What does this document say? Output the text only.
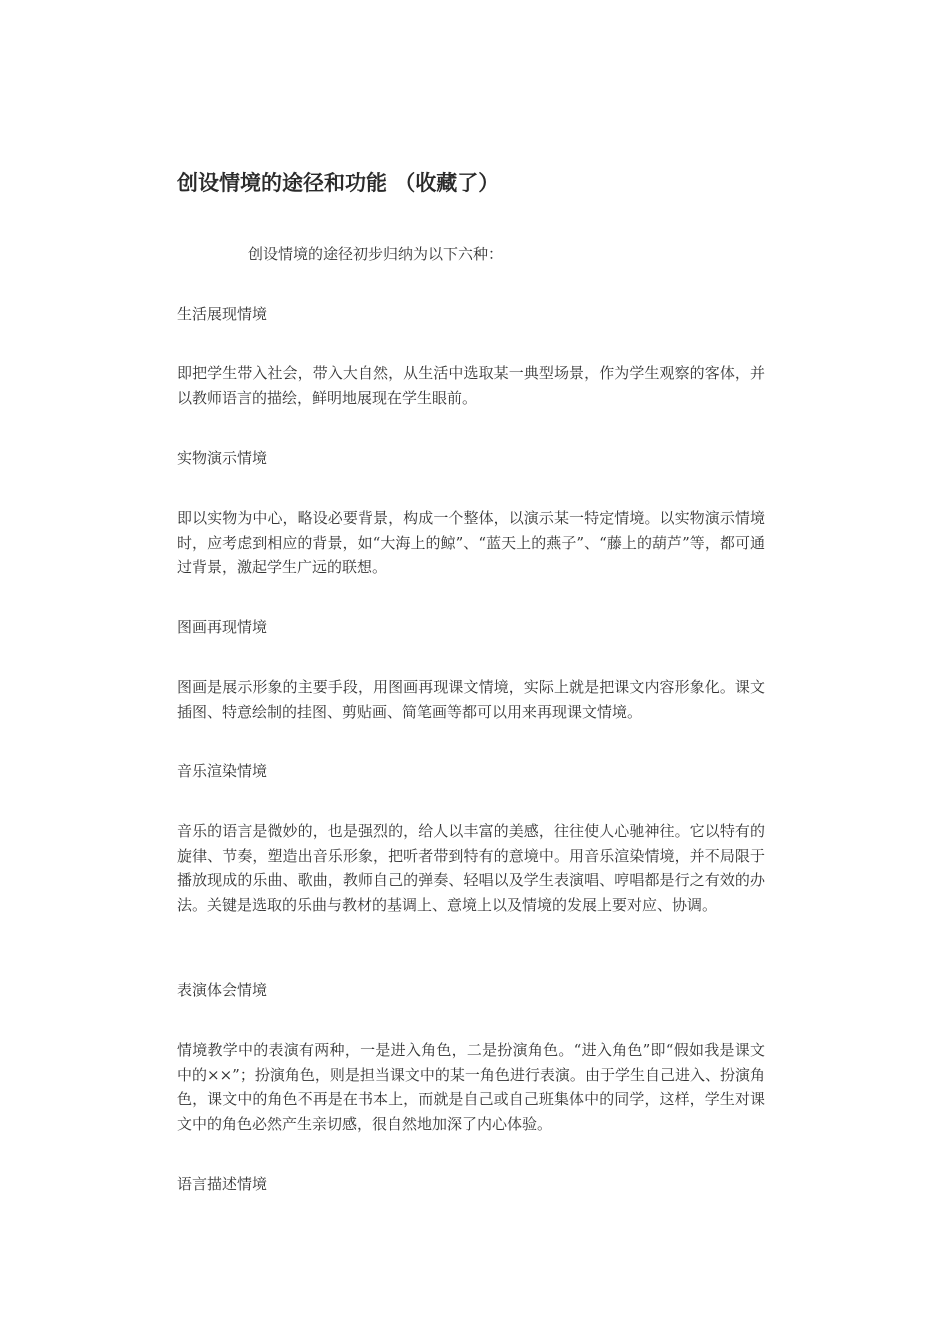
创设情境的途径和功能 （收藏了）
创设情境的途径初步归纳为以下六种：
生活展现情境
即把学生带入社会，带入大自然，从生活中选取某一典型场景，作为学生观察的客体，并以教师语言的描绘，鲜明地展现在学生眼前。
实物演示情境
即以实物为中心，略设必要背景，构成一个整体，以演示某一特定情境。以实物演示情境时，应考虑到相应的背景，如“大海上的鲸”、“蓝天上的燕子”、“藤上的葫芦”等，都可通过背景，激起学生广远的联想。
图画再现情境
图画是展示形象的主要手段，用图画再现课文情境，实际上就是把课文内容形象化。课文插图、特意绘制的挂图、剪贴画、简笔画等都可以用来再现课文情境。
音乐渲染情境
音乐的语言是微妙的，也是强烈的，给人以丰富的美感，往往使人心驰神往。它以特有的旋律、节奏，塑造出音乐形象，把听者带到特有的意境中。用音乐渲染情境，并不局限于播放现成的乐曲、歌曲，教师自己的弹奏、轻唱以及学生表演唱、哼唱都是行之有效的办法。关键是选取的乐曲与教材的基调上、意境上以及情境的发展上要对应、协调。
表演体会情境
情境教学中的表演有两种，一是进入角色，二是扮演角色。“进入角色”即“假如我是课文中的××”；扮演角色，则是担当课文中的某一角色进行表演。由于学生自己进入、扮演角色，课文中的角色不再是在书本上，而就是自己或自己班集体中的同学，这样，学生对课文中的角色必然产生亲切感，很自然地加深了内心体验。
语言描述情境
